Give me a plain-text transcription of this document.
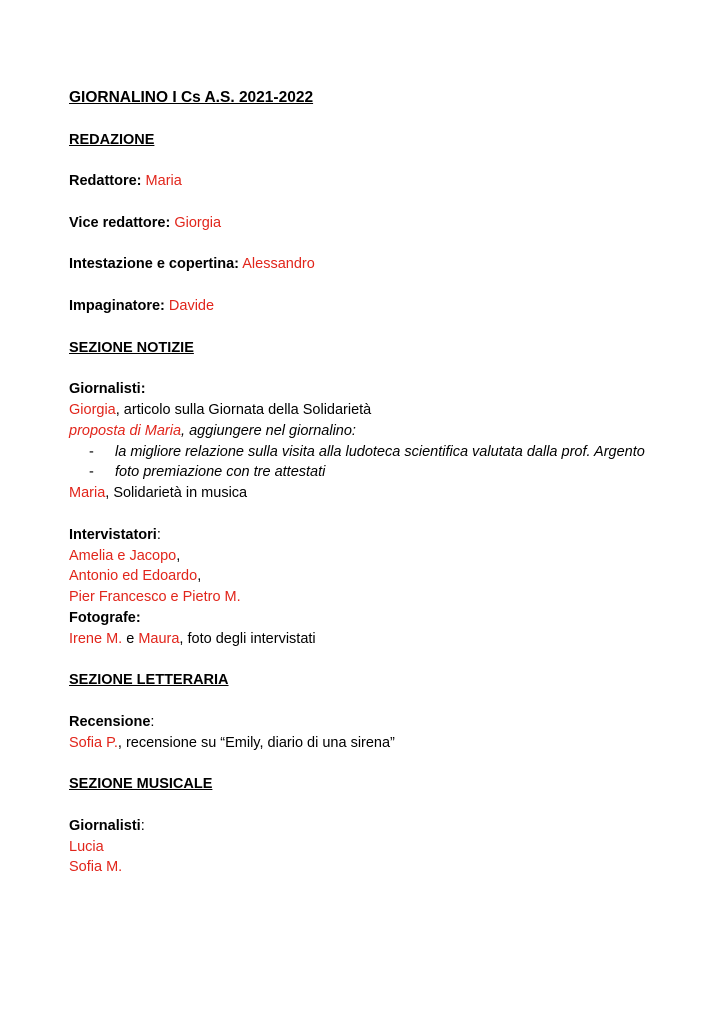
GIORNALINO I Cs A.S. 2021-2022
REDAZIONE
Redattore: Maria
Vice redattore: Giorgia
Intestazione e copertina: Alessandro
Impaginatore: Davide
SEZIONE NOTIZIE
Giornalisti:
Giorgia, articolo sulla Giornata della Solidarietà
proposta di Maria, aggiungere nel giornalino:
- la migliore relazione sulla visita alla ludoteca scientifica valutata dalla prof. Argento
- foto premiazione con tre attestati
Maria, Solidarietà in musica
Intervistatori:
Amelia e Jacopo,
Antonio ed Edoardo,
Pier Francesco e Pietro M.
Fotografe:
Irene M. e Maura, foto degli intervistati
SEZIONE LETTERARIA
Recensione:
Sofia P., recensione su “Emily, diario di una sirena”
SEZIONE MUSICALE
Giornalisti:
Lucia
Sofia M.
